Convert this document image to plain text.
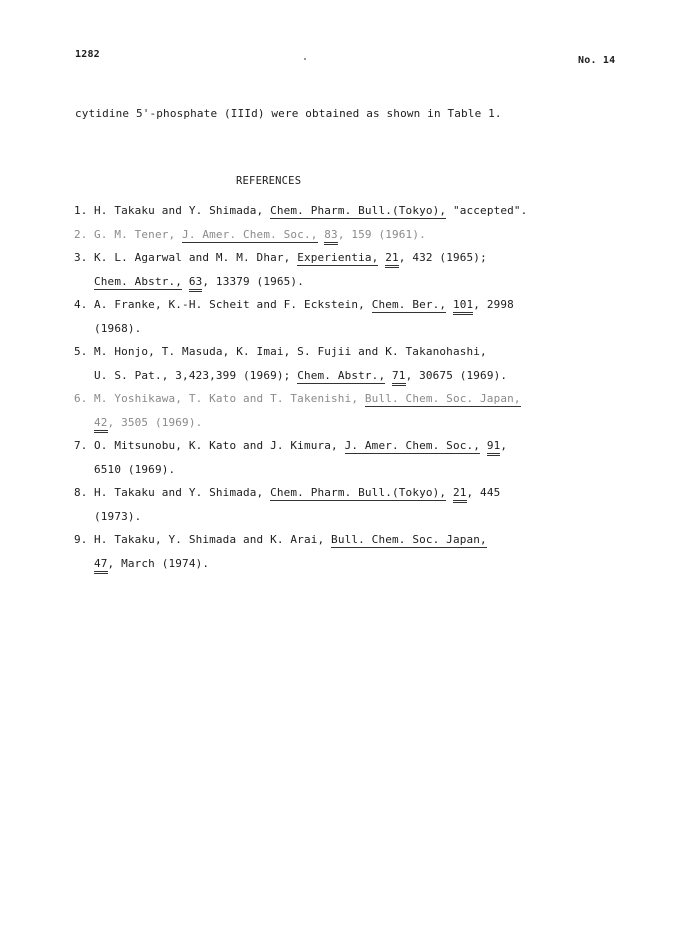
1282
No. 14
cytidine 5'-phosphate (IIId) were obtained as shown in Table 1.
REFERENCES
1. H. Takaku and Y. Shimada, Chem. Pharm. Bull.(Tokyo), "accepted".
2. G. M. Tener, J. Amer. Chem. Soc., 83, 159 (1961).
3. K. L. Agarwal and M. M. Dhar, Experientia, 21, 432 (1965);
Chem. Abstr., 63, 13379 (1965).
4. A. Franke, K.-H. Scheit and F. Eckstein, Chem. Ber., 101, 2998
(1968).
5. M. Honjo, T. Masuda, K. Imai, S. Fujii and K. Takanohashi,
U. S. Pat., 3,423,399 (1969); Chem. Abstr., 71, 30675 (1969).
6. M. Yoshikawa, T. Kato and T. Takenishi, Bull. Chem. Soc. Japan,
42, 3505 (1969).
7. O. Mitsunobu, K. Kato and J. Kimura, J. Amer. Chem. Soc., 91,
6510 (1969).
8. H. Takaku and Y. Shimada, Chem. Pharm. Bull.(Tokyo), 21, 445
(1973).
9. H. Takaku, Y. Shimada and K. Arai, Bull. Chem. Soc. Japan,
47, March (1974).
